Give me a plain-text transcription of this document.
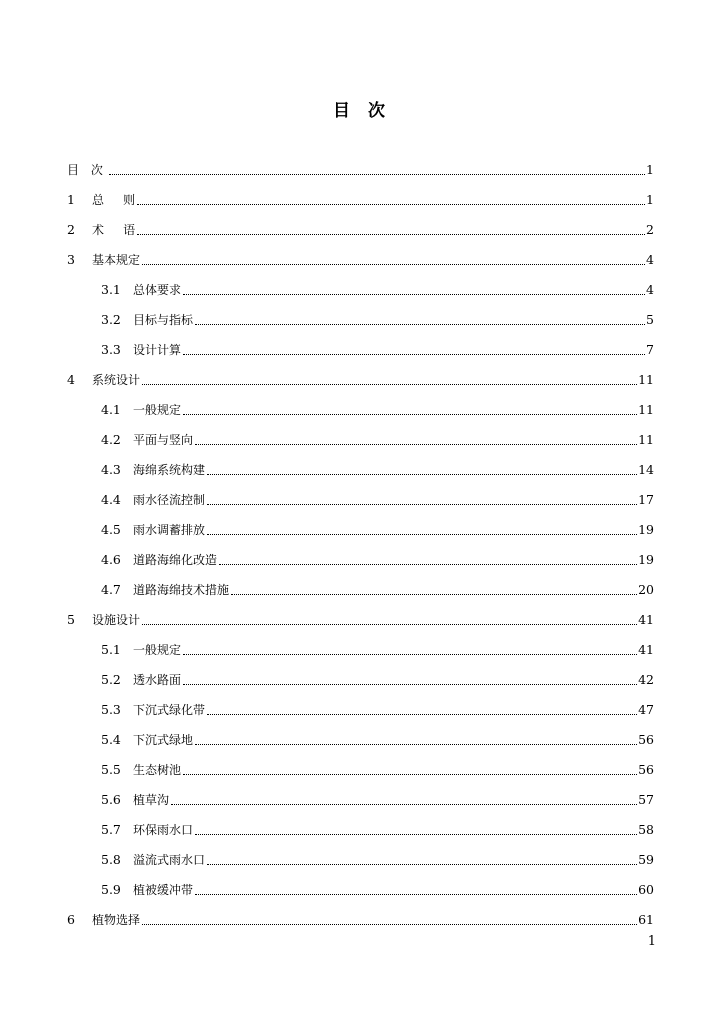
目 次
目 次	1
1	总     则	1
2	术     语	2
3	基本规定	4
3.1	总体要求	4
3.2	目标与指标	5
3.3	设计计算	7
4	系统设计	11
4.1	一般规定	11
4.2	平面与竖向	11
4.3	海绵系统构建	14
4.4	雨水径流控制	17
4.5	雨水调蓄排放	19
4.6	道路海绵化改造	19
4.7	道路海绵技术措施	20
5	设施设计	41
5.1	一般规定	41
5.2	透水路面	42
5.3	下沉式绿化带	47
5.4	下沉式绿地	56
5.5	生态树池	56
5.6	植草沟	57
5.7	环保雨水口	58
5.8	溢流式雨水口	59
5.9	植被缓冲带	60
6	植物选择	61
1
